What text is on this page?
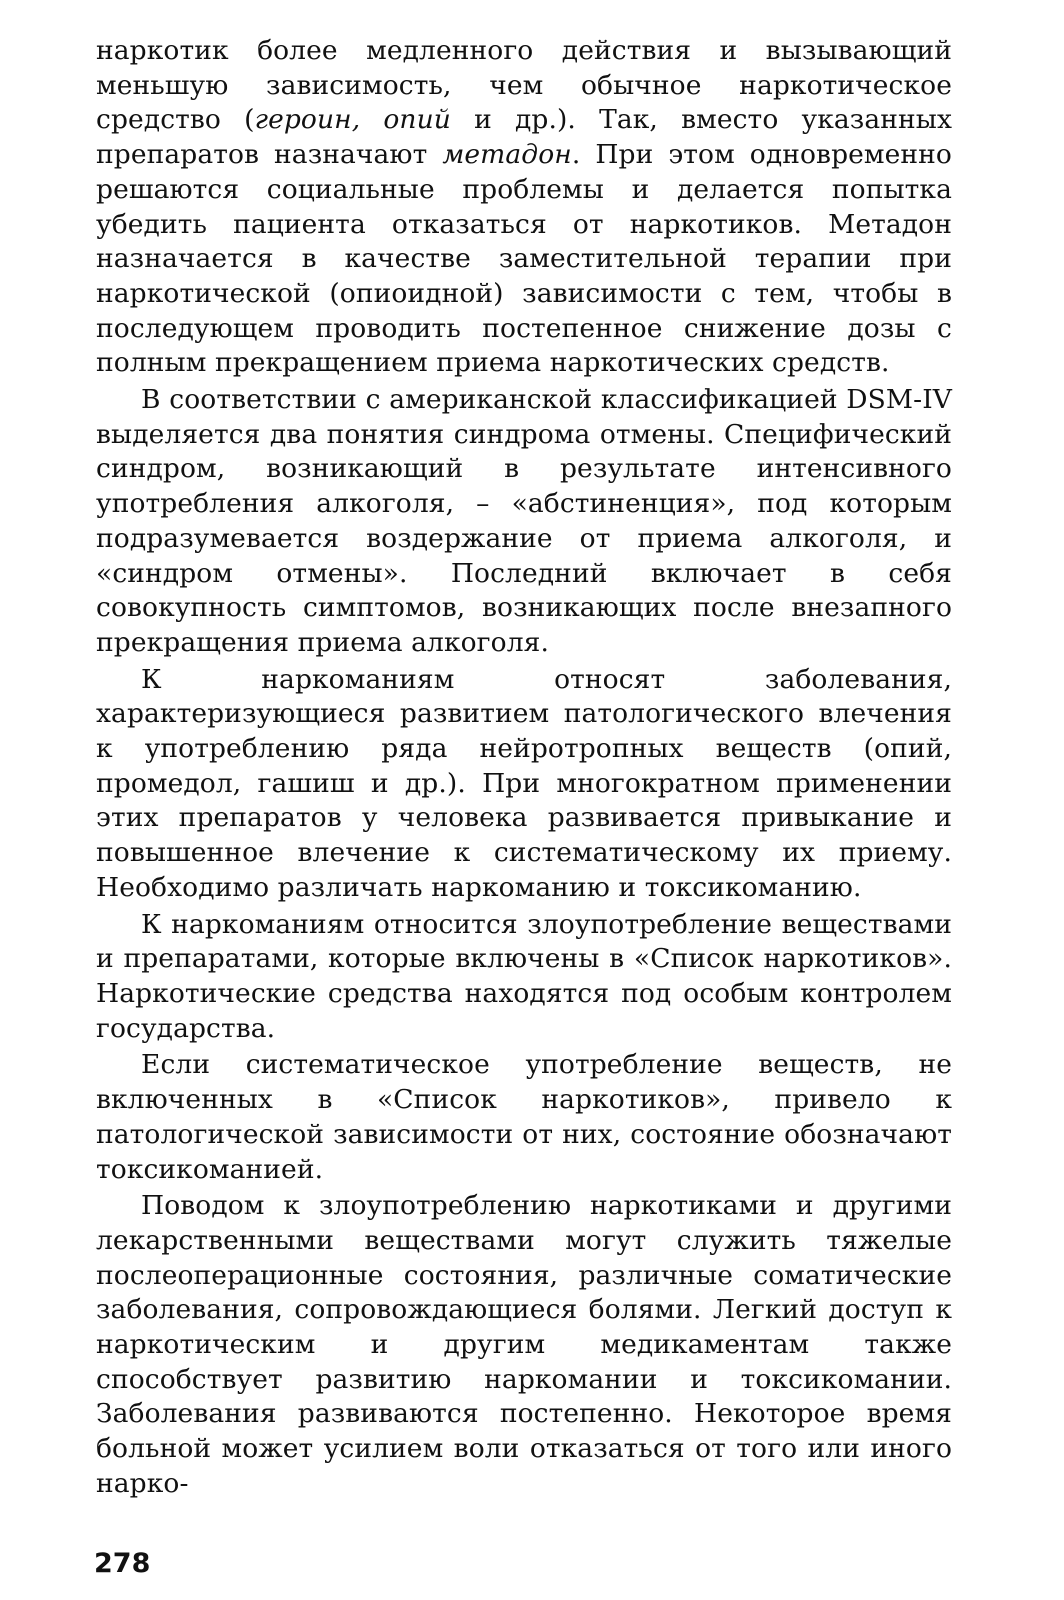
наркотик более медленного действия и вызывающий меньшую зависимость, чем обычное наркотическое средство (героин, опий и др.). Так, вместо указанных препаратов назначают метадон. При этом одновременно решаются социальные проблемы и делается попытка убедить пациента отказаться от наркотиков. Метадон назначается в качестве заместительной терапии при наркотической (опиоидной) зависимости с тем, чтобы в последующем проводить постепенное снижение дозы с полным прекращением приема наркотических средств.

В соответствии с американской классификацией DSM-IV выделяется два понятия синдрома отмены. Специфический синдром, возникающий в результате интенсивного употребления алкоголя, – «абстиненция», под которым подразумевается воздержание от приема алкоголя, и «синдром отмены». Последний включает в себя совокупность симптомов, возникающих после внезапного прекращения приема алкоголя.

К наркоманиям относят заболевания, характеризующиеся развитием патологического влечения к употреблению ряда нейротропных веществ (опий, промедол, гашиш и др.). При многократном применении этих препаратов у человека развивается привыкание и повышенное влечение к систематическому их приему. Необходимо различать наркоманию и токсикоманию.

К наркоманиям относится злоупотребление веществами и препаратами, которые включены в «Список наркотиков». Наркотические средства находятся под особым контролем государства.

Если систематическое употребление веществ, не включенных в «Список наркотиков», привело к патологической зависимости от них, состояние обозначают токсикоманией.

Поводом к злоупотреблению наркотиками и другими лекарственными веществами могут служить тяжелые послеоперационные состояния, различные соматические заболевания, сопровождающиеся болями. Легкий доступ к наркотическим и другим медикаментам также способствует развитию наркомании и токсикомании. Заболевания развиваются постепенно. Некоторое время больной может усилием воли отказаться от того или иного нарко-

278
